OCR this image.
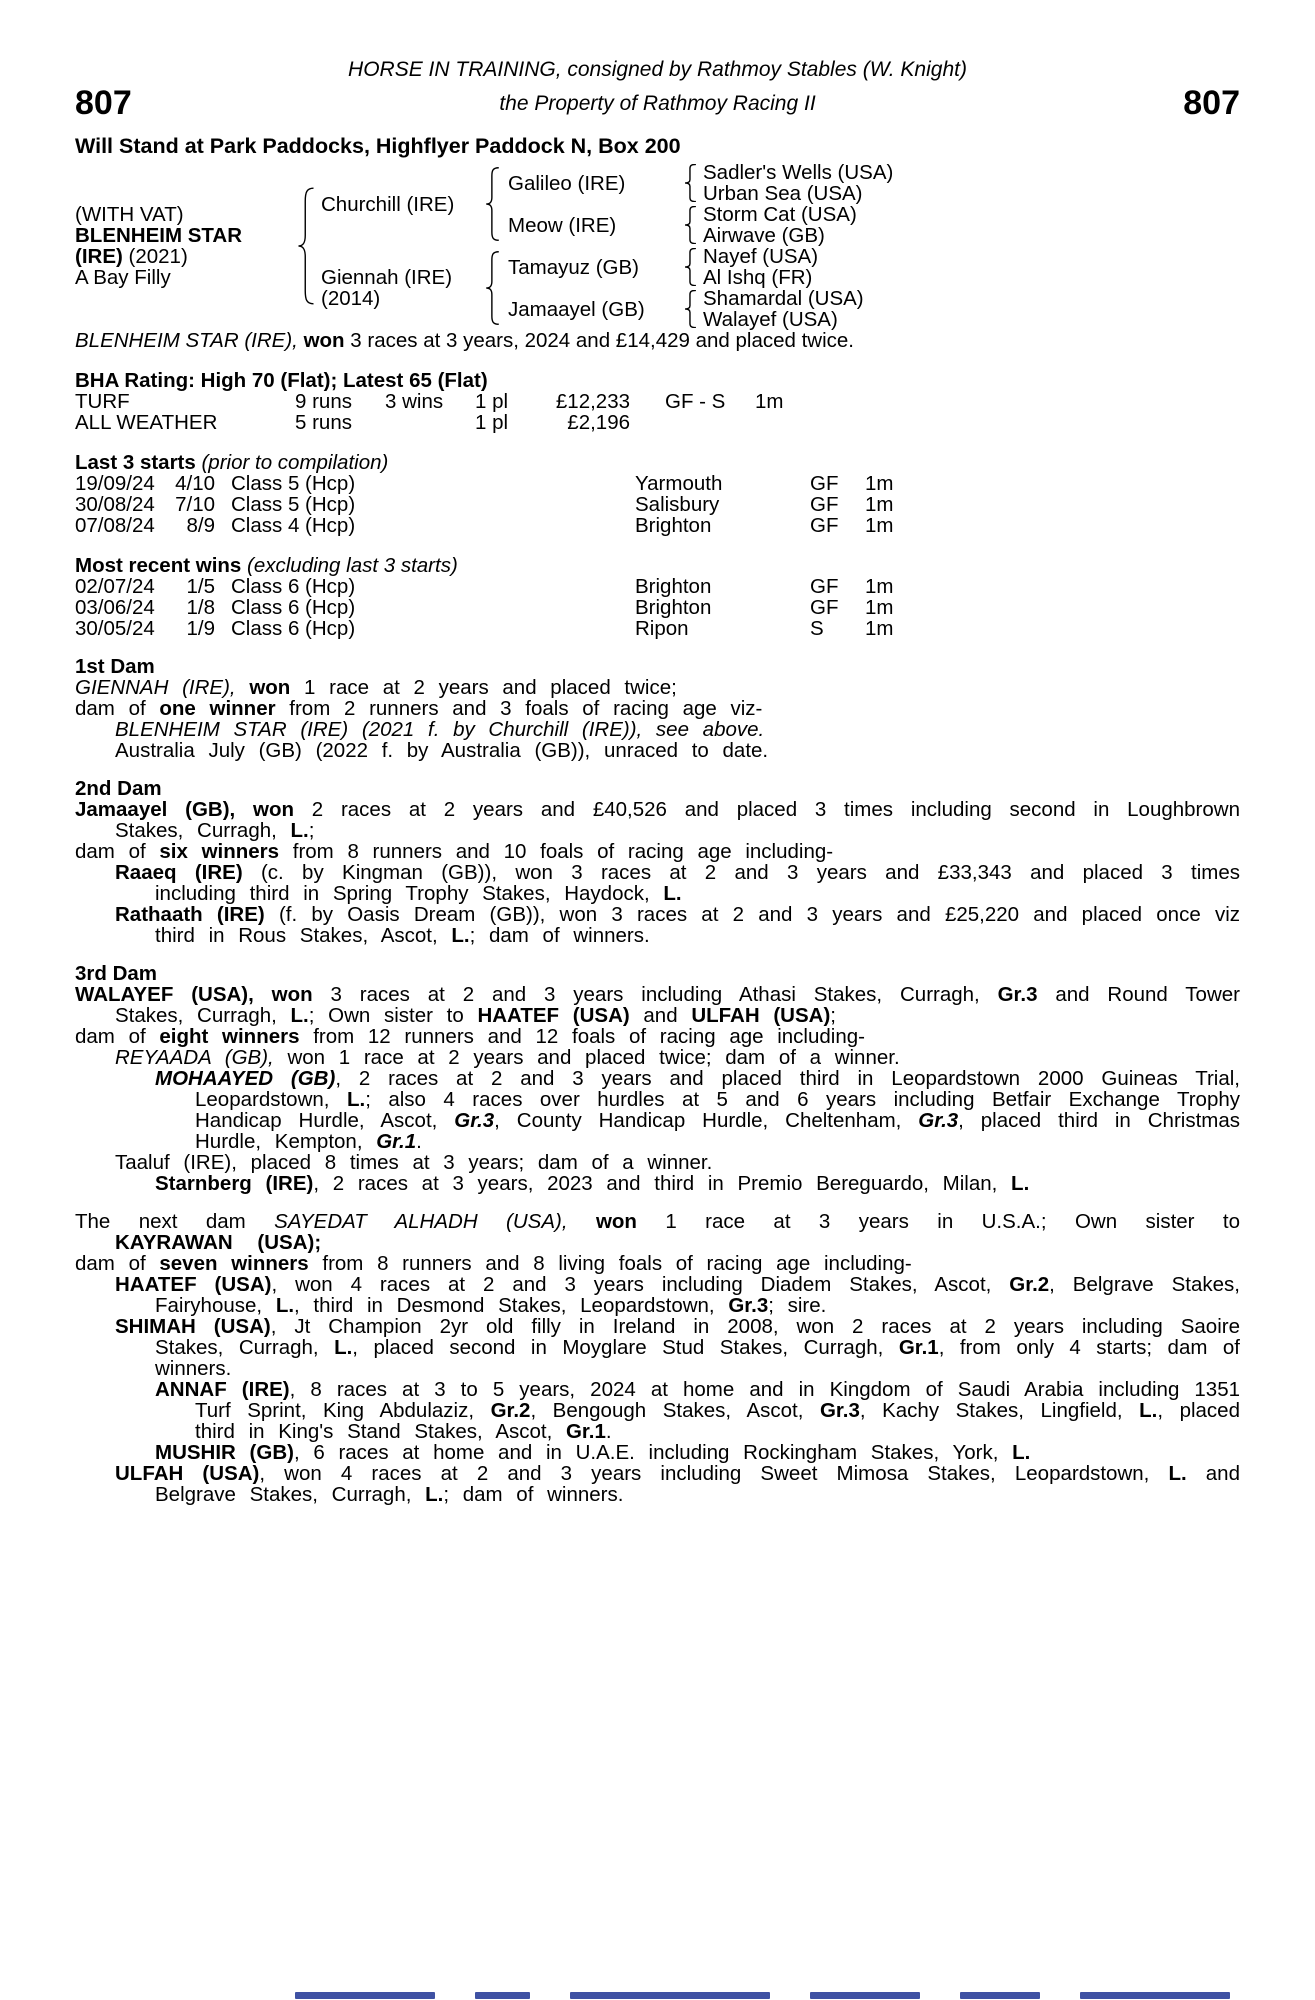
HORSE IN TRAINING, consigned by Rathmoy Stables (W. Knight)
807	the Property of Rathmoy Racing II	807
Will Stand at Park Paddocks, Highflyer Paddock N, Box 200
(WITH VAT)
BLENHEIM STAR
(IRE) (2021)
A Bay Filly
Churchill (IRE)
Galileo (IRE)	Sadler's Wells (USA)
Urban Sea (USA)
Meow (IRE)	Storm Cat (USA)
Airwave (GB)
Giennah (IRE)
(2014)
Tamayuz (GB)	Nayef (USA)
Al Ishq (FR)
Jamaayel (GB)	Shamardal (USA)
Walayef (USA)

BLENHEIM STAR (IRE), won 3 races at 3 years, 2024 and £14,429 and placed twice.

BHA Rating: High 70 (Flat); Latest 65 (Flat)
TURF	9 runs	3 wins	1 pl	£12,233	GF - S	1m
ALL WEATHER	5 runs	1 pl	£2,196
Last 3 starts (prior to compilation)
19/09/24 4/10 Class 5 (Hcp)	Yarmouth	GF	1m
30/08/24 7/10 Class 5 (Hcp)	Salisbury	GF	1m
07/08/24	8/9 Class 4 (Hcp)	Brighton	GF	1m
Most recent wins (excluding last 3 starts)
02/07/24	1/5 Class 6 (Hcp)	Brighton	GF	1m
03/06/24	1/8 Class 6 (Hcp)	Brighton	GF	1m
30/05/24	1/9 Class 6 (Hcp)	Ripon	S	1m
1st Dam

GIENNAH (IRE), won 1 race at 2 years and placed twice;

dam of one winner from 2 runners and 3 foals of racing age viz-

BLENHEIM STAR (IRE) (2021 f. by Churchill (IRE)), see above.

Australia July (GB) (2022 f. by Australia (GB)), unraced to date.

2nd Dam

Jamaayel (GB), won 2 races at 2 years and £40,526 and placed 3 times including second in Loughbrown Stakes, Curragh, L.;

dam of six winners from 8 runners and 10 foals of racing age including-

Raaeq (IRE) (c. by Kingman (GB)), won 3 races at 2 and 3 years and £33,343 and placed 3 times including third in Spring Trophy Stakes, Haydock, L.

Rathaath (IRE) (f. by Oasis Dream (GB)), won 3 races at 2 and 3 years and £25,220 and placed once viz third in Rous Stakes, Ascot, L.; dam of winners.

3rd Dam

WALAYEF (USA), won 3 races at 2 and 3 years including Athasi Stakes, Curragh, Gr.3 and Round Tower Stakes, Curragh, L.; Own sister to HAATEF (USA) and ULFAH (USA);

dam of eight winners from 12 runners and 12 foals of racing age including-

REYAADA (GB), won 1 race at 2 years and placed twice; dam of a winner.

MOHAAYED (GB), 2 races at 2 and 3 years and placed third in Leopardstown 2000 Guineas Trial, Leopardstown, L.; also 4 races over hurdles at 5 and 6 years including Betfair Exchange Trophy Handicap Hurdle, Ascot, Gr.3, County Handicap Hurdle, Cheltenham, Gr.3, placed third in Christmas Hurdle, Kempton, Gr.1.

Taaluf (IRE), placed 8 times at 3 years; dam of a winner.

Starnberg (IRE), 2 races at 3 years, 2023 and third in Premio Bereguardo, Milan, L.

The next dam SAYEDAT ALHADH (USA), won 1 race at 3 years in U.S.A.; Own sister to KAYRAWAN (USA);

dam of seven winners from 8 runners and 8 living foals of racing age including-

HAATEF (USA), won 4 races at 2 and 3 years including Diadem Stakes, Ascot, Gr.2, Belgrave Stakes, Fairyhouse, L., third in Desmond Stakes, Leopardstown, Gr.3; sire.

SHIMAH (USA), Jt Champion 2yr old filly in Ireland in 2008, won 2 races at 2 years including Saoire Stakes, Curragh, L., placed second in Moyglare Stud Stakes, Curragh, Gr.1, from only 4 starts; dam of winners.

ANNAF (IRE), 8 races at 3 to 5 years, 2024 at home and in Kingdom of Saudi Arabia including 1351 Turf Sprint, King Abdulaziz, Gr.2, Bengough Stakes, Ascot, Gr.3, Kachy Stakes, Lingfield, L., placed third in King's Stand Stakes, Ascot, Gr.1.

MUSHIR (GB), 6 races at home and in U.A.E. including Rockingham Stakes, York, L.

ULFAH (USA), won 4 races at 2 and 3 years including Sweet Mimosa Stakes, Leopardstown, L. and Belgrave Stakes, Curragh, L.; dam of winners.
